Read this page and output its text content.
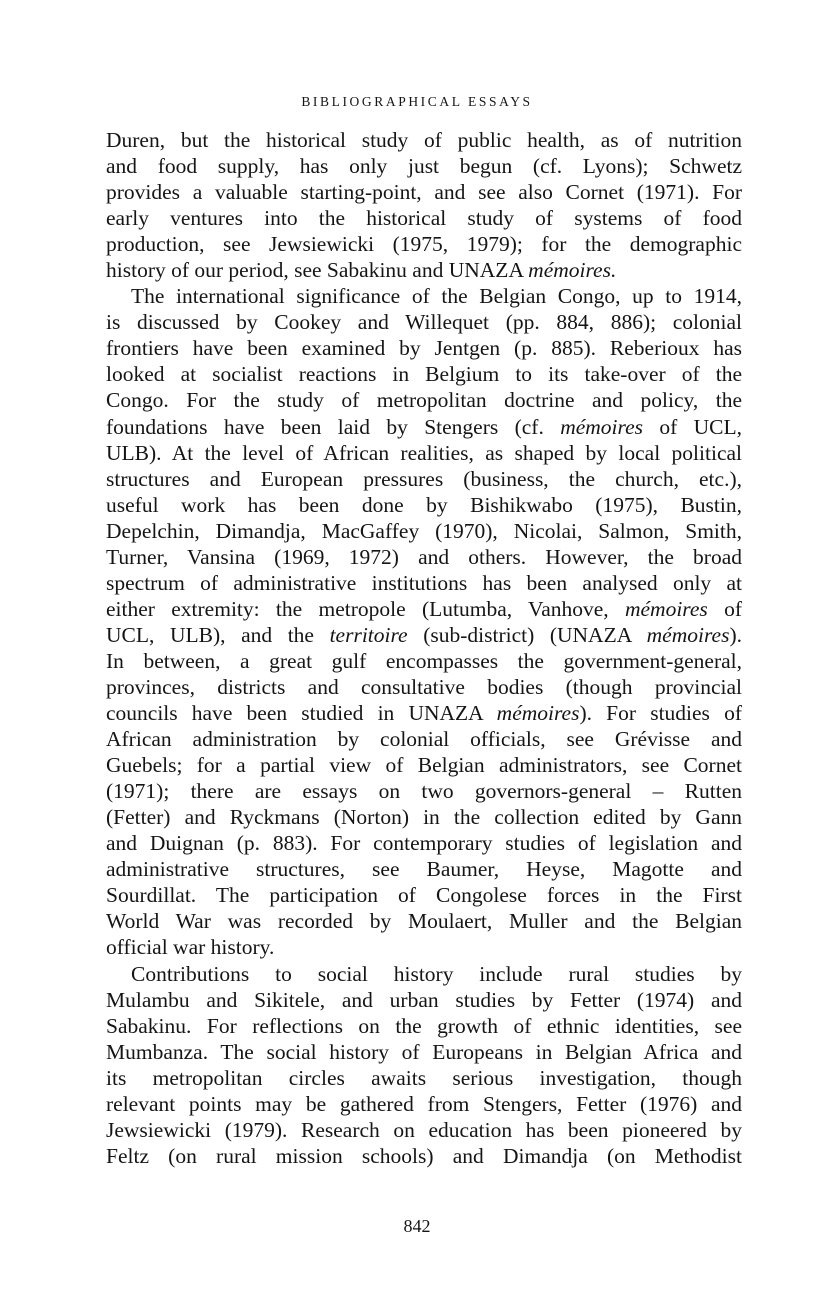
BIBLIOGRAPHICAL ESSAYS
Duren, but the historical study of public health, as of nutrition
and food supply, has only just begun (cf. Lyons); Schwetz
provides a valuable starting-point, and see also Cornet (1971). For
early ventures into the historical study of systems of food
production, see Jewsiewicki (1975, 1979); for the demographic
history of our period, see Sabakinu and UNAZA mémoires.
The international significance of the Belgian Congo, up to 1914,
is discussed by Cookey and Willequet (pp. 884, 886); colonial
frontiers have been examined by Jentgen (p. 885). Reberioux has
looked at socialist reactions in Belgium to its take-over of the
Congo. For the study of metropolitan doctrine and policy, the
foundations have been laid by Stengers (cf. mémoires of UCL,
ULB). At the level of African realities, as shaped by local political
structures and European pressures (business, the church, etc.),
useful work has been done by Bishikwabo (1975), Bustin,
Depelchin, Dimandja, MacGaffey (1970), Nicolai, Salmon, Smith,
Turner, Vansina (1969, 1972) and others. However, the broad
spectrum of administrative institutions has been analysed only at
either extremity: the metropole (Lutumba, Vanhove, mémoires of
UCL, ULB), and the territoire (sub-district) (UNAZA mémoires).
In between, a great gulf encompasses the government-general,
provinces, districts and consultative bodies (though provincial
councils have been studied in UNAZA mémoires). For studies of
African administration by colonial officials, see Grévisse and
Guebels; for a partial view of Belgian administrators, see Cornet
(1971); there are essays on two governors-general – Rutten
(Fetter) and Ryckmans (Norton) in the collection edited by Gann
and Duignan (p. 883). For contemporary studies of legislation and
administrative structures, see Baumer, Heyse, Magotte and
Sourdillat. The participation of Congolese forces in the First
World War was recorded by Moulaert, Muller and the Belgian
official war history.
Contributions to social history include rural studies by
Mulambu and Sikitele, and urban studies by Fetter (1974) and
Sabakinu. For reflections on the growth of ethnic identities, see
Mumbanza. The social history of Europeans in Belgian Africa and
its metropolitan circles awaits serious investigation, though
relevant points may be gathered from Stengers, Fetter (1976) and
Jewsiewicki (1979). Research on education has been pioneered by
Feltz (on rural mission schools) and Dimandja (on Methodist
842
